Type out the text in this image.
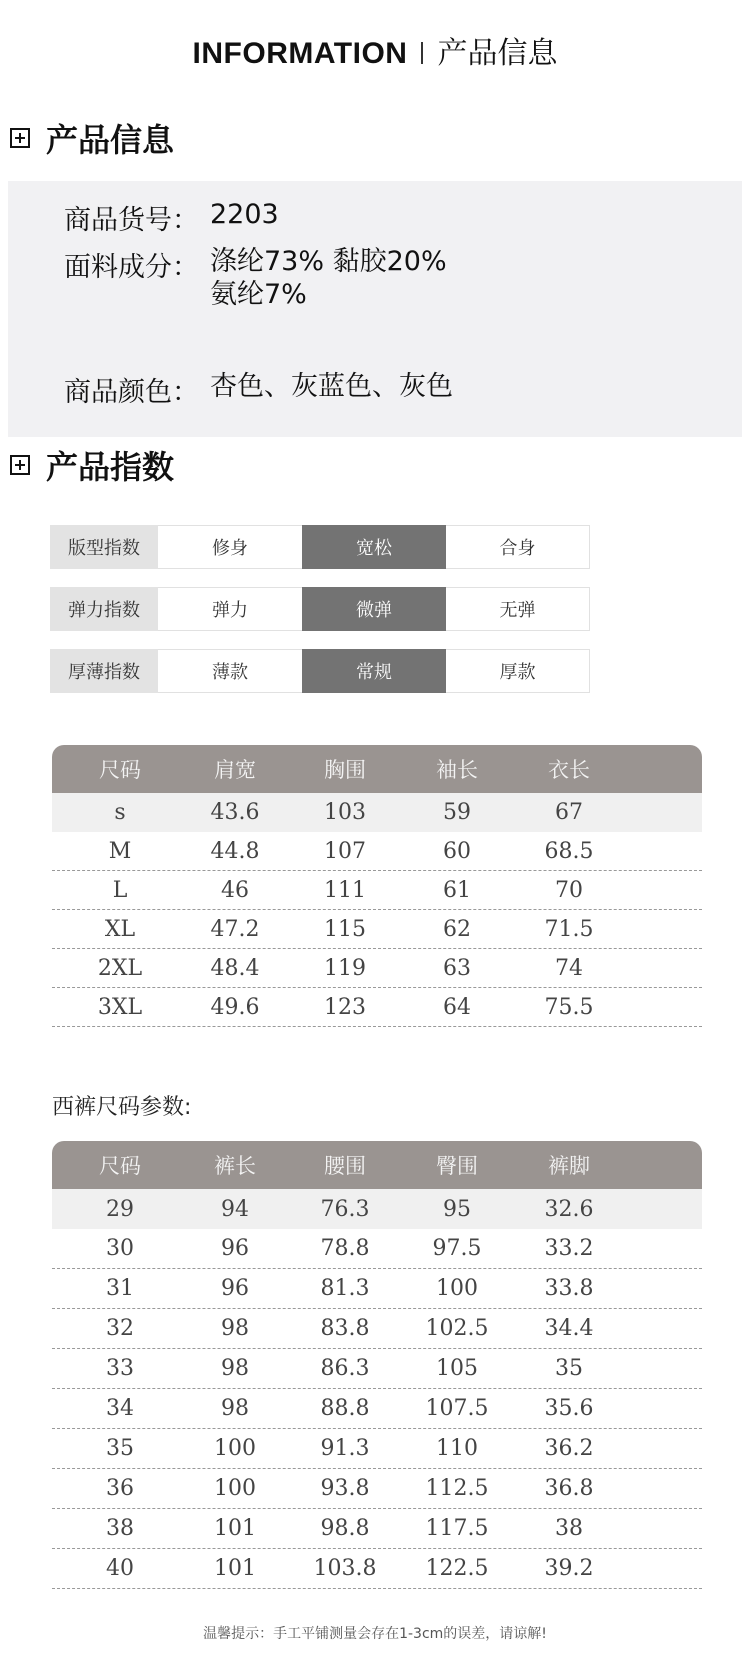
INFORMATION 产品信息
产品信息
商品货号： 2203
面料成分： 涤纶73% 黏胶20%
氨纶7%
商品颜色： 杏色、灰蓝色、灰色
产品指数
版型指数	修身	宽松	合身
弹力指数	弹力	微弹	无弹
厚薄指数	薄款	常规	厚款
尺码	肩宽	胸围	袖长	衣长
s	43.6	103	59	67
M	44.8	107	60	68.5
L	46	111	61	70
XL	47.2	115	62	71.5
2XL	48.4	119	63	74
3XL	49.6	123	64	75.5
西裤尺码参数:
尺码	裤长	腰围	臀围	裤脚
29	94	76.3	95	32.6
30	96	78.8	97.5	33.2
31	96	81.3	100	33.8
32	98	83.8	102.5	34.4
33	98	86.3	105	35
34	98	88.8	107.5	35.6
35	100	91.3	110	36.2
36	100	93.8	112.5	36.8
38	101	98.8	117.5	38
40	101	103.8	122.5	39.2
温馨提示：手工平铺测量会存在1-3cm的误差，请谅解!
